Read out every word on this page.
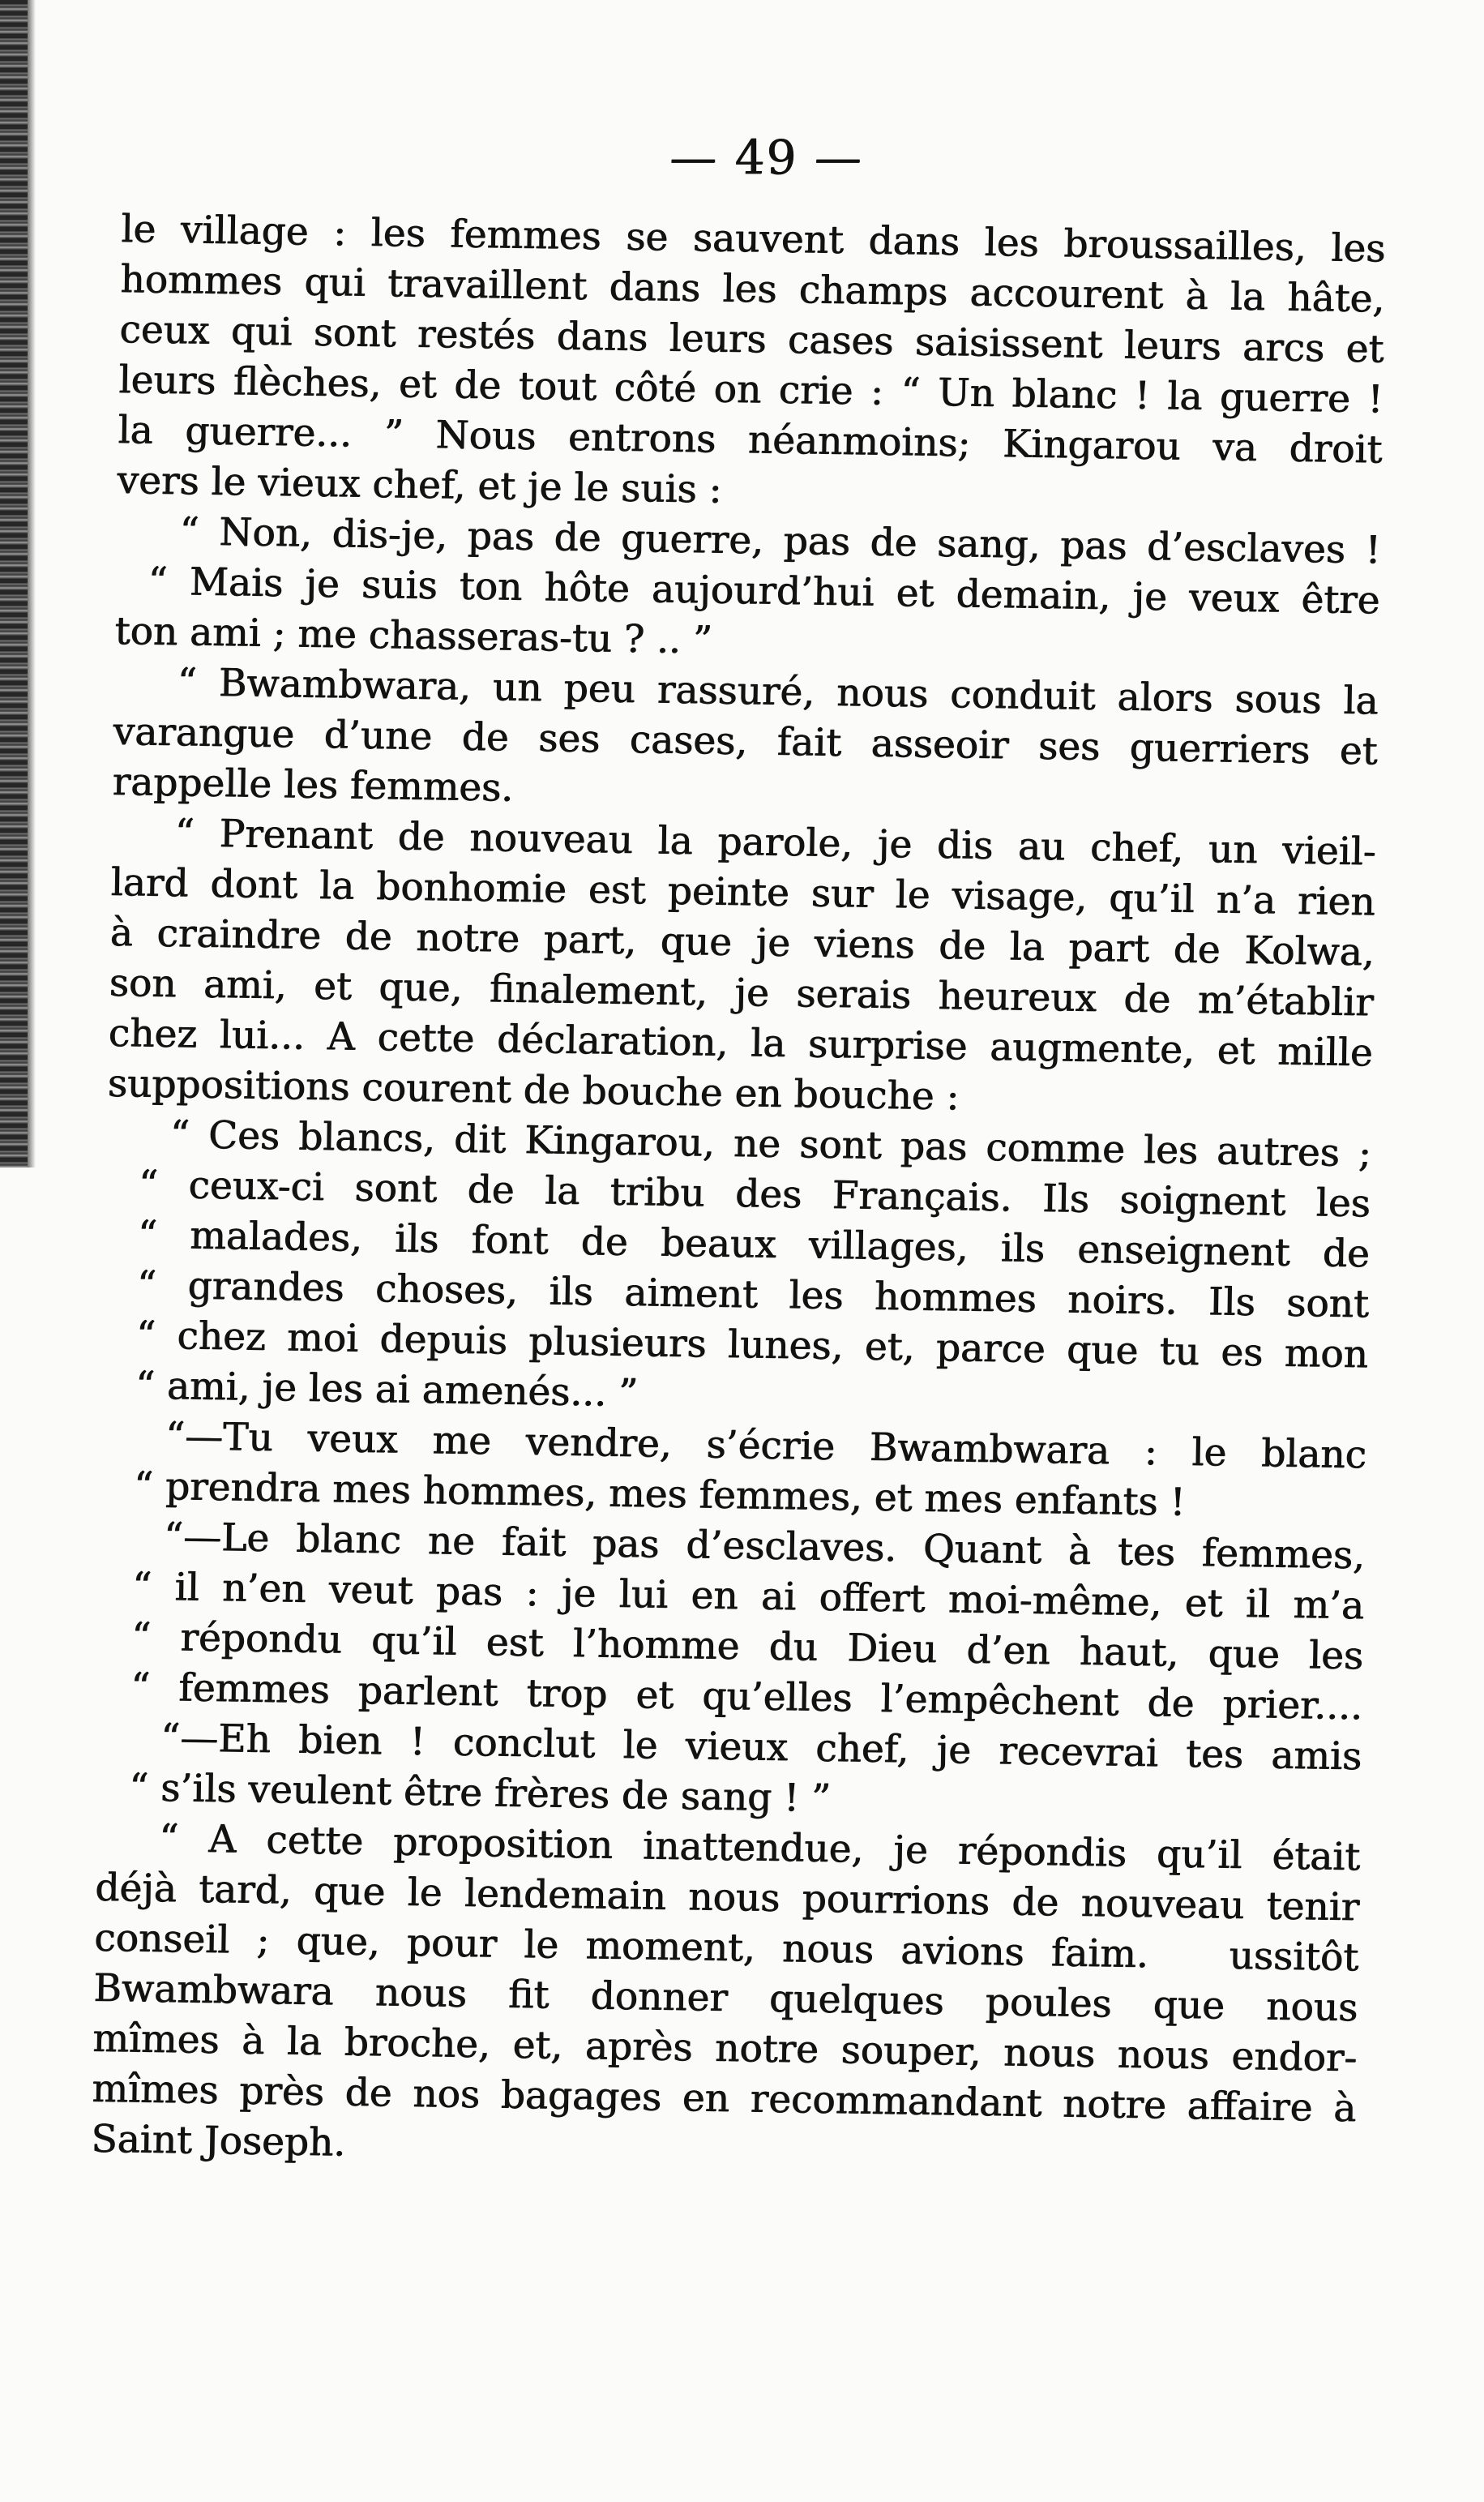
— 49 —
le village : les femmes se sauvent dans les broussailles, les
hommes qui travaillent dans les champs accourent à la hâte,
ceux qui sont restés dans leurs cases saisissent leurs arcs et
leurs flèches, et de tout côté on crie : “ Un blanc ! la guerre !
la guerre... ” Nous entrons néanmoins; Kingarou va droit
vers le vieux chef, et je le suis :
“ Non, dis-je, pas de guerre, pas de sang, pas d’esclaves !
“ Mais je suis ton hôte aujourd’hui et demain, je veux être
ton ami ; me chasseras-tu ? .. ”
“ Bwambwara, un peu rassuré, nous conduit alors sous la
varangue d’une de ses cases, fait asseoir ses guerriers et
rappelle les femmes.
“ Prenant de nouveau la parole, je dis au chef, un vieil-
lard dont la bonhomie est peinte sur le visage, qu’il n’a rien
à craindre de notre part, que je viens de la part de Kolwa,
son ami, et que, finalement, je serais heureux de m’établir
chez lui... A cette déclaration, la surprise augmente, et mille
suppositions courent de bouche en bouche :
“ Ces blancs, dit Kingarou, ne sont pas comme les autres ;
“ ceux-ci sont de la tribu des Français. Ils soignent les
“ malades, ils font de beaux villages, ils enseignent de
“ grandes choses, ils aiment les hommes noirs. Ils sont
“ chez moi depuis plusieurs lunes, et, parce que tu es mon
“ ami, je les ai amenés... ”
“—Tu veux me vendre, s’écrie Bwambwara : le blanc
“ prendra mes hommes, mes femmes, et mes enfants !
“—Le blanc ne fait pas d’esclaves. Quant à tes femmes,
“ il n’en veut pas : je lui en ai offert moi-même, et il m’a
“ répondu qu’il est l’homme du Dieu d’en haut, que les
“ femmes parlent trop et qu’elles l’empêchent de prier....
“—Eh bien ! conclut le vieux chef, je recevrai tes amis
“ s’ils veulent être frères de sang ! ”
“ A cette proposition inattendue, je répondis qu’il était
déjà tard, que le lendemain nous pourrions de nouveau tenir
conseil ; que, pour le moment, nous avions faim.   ussitôt
Bwambwara nous fit donner quelques poules que nous
mîmes à la broche, et, après notre souper, nous nous endor-
mîmes près de nos bagages en recommandant notre affaire à
Saint Joseph.
